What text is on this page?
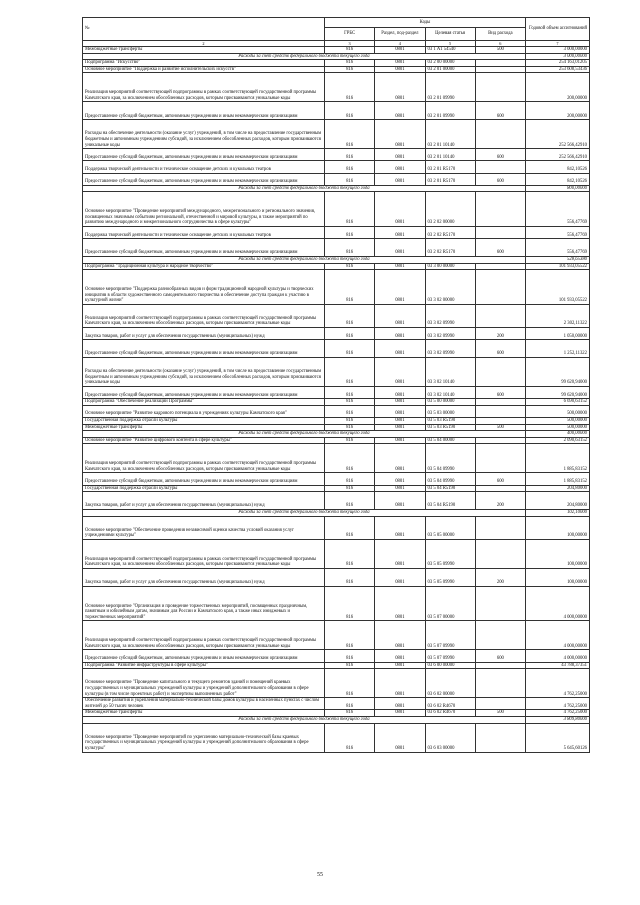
№	Коды				Годовой объем ассигнований
	ГРБС	Раздел, под-раздел	Целевая статья	Вид расхода	
2	3	4	5	6	7
Межбюджетные трансферты	816	0801	03 1 А1 54540	500	3 000,00000
Расходы за счет средств федерального бюджета текущего года					3 000,00000
Подпрограмма "Искусство"	816	0801	03 2 00 00000		254 163,01205
Основное мероприятие "Поддержка и развитие исполнительских искусств"	816	0801	03 2 01 00000		253 608,53436
Реализация мероприятий соответствующей подпрограммы в рамках соответствующей государственной программы Камчатского края, за исключением обособленных расходов, которым присваиваются уникальные коды	816	0801	03 2 01 09990		200,00000
Предоставление субсидий бюджетным, автономным учреждениям и иным некоммерческим организациям	816	0801	03 2 01 09990	600	200,00000
Расходы на обеспечение деятельности (оказание услуг) учреждений, в том числе на предоставление государственным бюджетным и автономным учреждениям субсидий, за исключением обособленных расходов, которым присваиваются уникальные коды	816	0801	03 2 01 10140		252 566,42910
Предоставление субсидий бюджетным, автономным учреждениям и иным некоммерческим организациям	816	0801	03 2 01 10140	600	252 566,42910
Поддержка творческой деятельности и техническое оснащение детских и кукольных театров	816	0801	03 2 01 R5170		842,10526
Предоставление субсидий бюджетным, автономным учреждениям и иным некоммерческим организациям	816	0801	03 2 01 R5170	600	842,10526
Расходы за счет средств федерального бюджета текущего года					800,00000
Основное мероприятие "Проведение мероприятий международного, межрегионального и регионального значения, посвященных значимым событиям региональной, отечественной и мировой культуры, в также мероприятий по развитию международного и межрегионального сотрудничества в сфере культуры"	816	0801	03 2 02 00000		556,47769
Поддержка творческой деятельности и техническое оснащение детских и кукольных театров	816	0801	03 2 02 R5170		556,47769
Предоставление субсидий бюджетным, автономным учреждениям и иным некоммерческим организациям	816	0801	03 2 02 R5170	600	556,47769
Расходы за счет средств федерального бюджета текущего года					528,65380
Подпрограмма "Традиционная культура и народное творчество"	816	0801	03 3 00 00000		101 933,05522
Основное мероприятие "Поддержка разнообразных видов и форм традиционной народной культуры и творческих инициатив в области художественного самодеятельного творчества и обеспечение доступа граждан к участию в культурной жизни"	816	0801	03 3 02 00000		101 933,05522
Реализация мероприятий соответствующей подпрограммы в рамках соответствующей государственной программы Камчатского края, за исключением обособленных расходов, которым присваиваются уникальные коды	816	0801	03 3 02 09990		2 302,11322
Закупка товаров, работ и услуг для обеспечения государственных (муниципальных) нужд	816	0801	03 3 02 09990	200	1 050,00000
Предоставление субсидий бюджетным, автономным учреждениям и иным некоммерческим организациям	816	0801	03 3 02 09990	600	1 252,11322
Расходы на обеспечение деятельности (оказание услуг) учреждений, в том числе на предоставление государственным бюджетным и автономным учреждениям субсидий, за исключением обособленных расходов, которым присваиваются уникальные коды	816	0801	03 3 02 10140		99 620,94000
Предоставление субсидий бюджетным, автономным учреждениям и иным некоммерческим организациям	816	0801	03 3 02 10140	600	99 620,94000
Подпрограмма "Обеспечение реализации Программы"	816	0801	03 5 00 00000		6 690,63152
Основное мероприятие "Развитие кадрового потенциала в учреждениях культуры Камчатского края"	816	0801	03 5 03 00000		500,00000
Государственная поддержка отрасли культуры	816	0801	03 5 03 R5190		500,00000
Межбюджетные трансферты	816	0801	03 5 03 R5190	500	500,00000
Расходы за счет средств федерального бюджета текущего года					400,00000
Основное мероприятие "Развитие цифрового контента в сфере культуры"	816	0801	03 5 04 00000		2 090,63152
Реализация мероприятий соответствующей подпрограммы в рамках соответствующей государственной программы Камчатского края, за исключением обособленных расходов, которым присваиваются уникальные коды	816	0801	03 5 04 09990		1 885,83152
Предоставление субсидий бюджетным, автономным учреждениям и иным некоммерческим организациям	816	0801	03 5 04 09990	600	1 885,83152
Государственная поддержка отрасли культуры	816	0801	03 5 04 R5190		204,80000
Закупка товаров, работ и услуг для обеспечения государственных (муниципальных) нужд	816	0801	03 5 04 R5190	200	204,80000
Расходы за счет средств федерального бюджета текущего года					102,10000
Основное мероприятие "Обеспечение проведения независимой оценки качества условий оказания услуг учреждениями культуры"	816	0801	03 5 05 00000		100,00000
Реализация мероприятий соответствующей подпрограммы в рамках соответствующей государственной программы Камчатского края, за исключением обособленных расходов, которым присваиваются уникальные коды	816	0801	03 5 05 09990		100,00000
Закупка товаров, работ и услуг для обеспечения государственных (муниципальных) нужд	816	0801	03 5 05 09990	200	100,00000
Основное мероприятие "Организация и проведение торжественных мероприятий, посвященных праздничным, памятным и юбилейным датам, значимым для России и Камчатского края, а также иных имиджевых и торжественных мероприятий"	816	0801	03 5 07 00000		4 000,00000
Реализация мероприятий соответствующей подпрограммы в рамках соответствующей государственной программы Камчатского края, за исключением обособленных расходов, которым присваиваются уникальные коды	816	0801	03 5 07 09990		4 000,00000
Предоставление субсидий бюджетным, автономным учреждениям и иным некоммерческим организациям	816	0801	03 5 07 09990	600	4 000,00000
Подпрограмма "Развитие инфраструктуры в сфере культуры"	816	0801	03 6 00 00000		43 788,37351
Основное мероприятие "Проведение капитального и текущего ремонтов зданий и помещений краевых государственных и муниципальных учреждений культуры и учреждений дополнительного образования в сфере культуры (в том числе проектных работ) и экспертизы выполненных работ"	816	0801	03 6 02 00000		4 762,25000
Обеспечение развития и укрепления материально-технической базы домов культуры в населенных пунктах с числом жителей до 50 тысяч человек	816	0801	03 6 02 R4670		4 762,25000
Межбюджетные трансферты	816	0801	03 6 02 R4670	500	4 762,25000
Расходы за счет средств федерального бюджета текущего года					3 809,80000
Основное мероприятие "Проведение мероприятий по укреплению материально-технической базы краевых государственных и муниципальных учреждений культуры и учреждений дополнительного образования в сфере культуры"	816	0801	03 6 03 00000		5 645,60126
55
